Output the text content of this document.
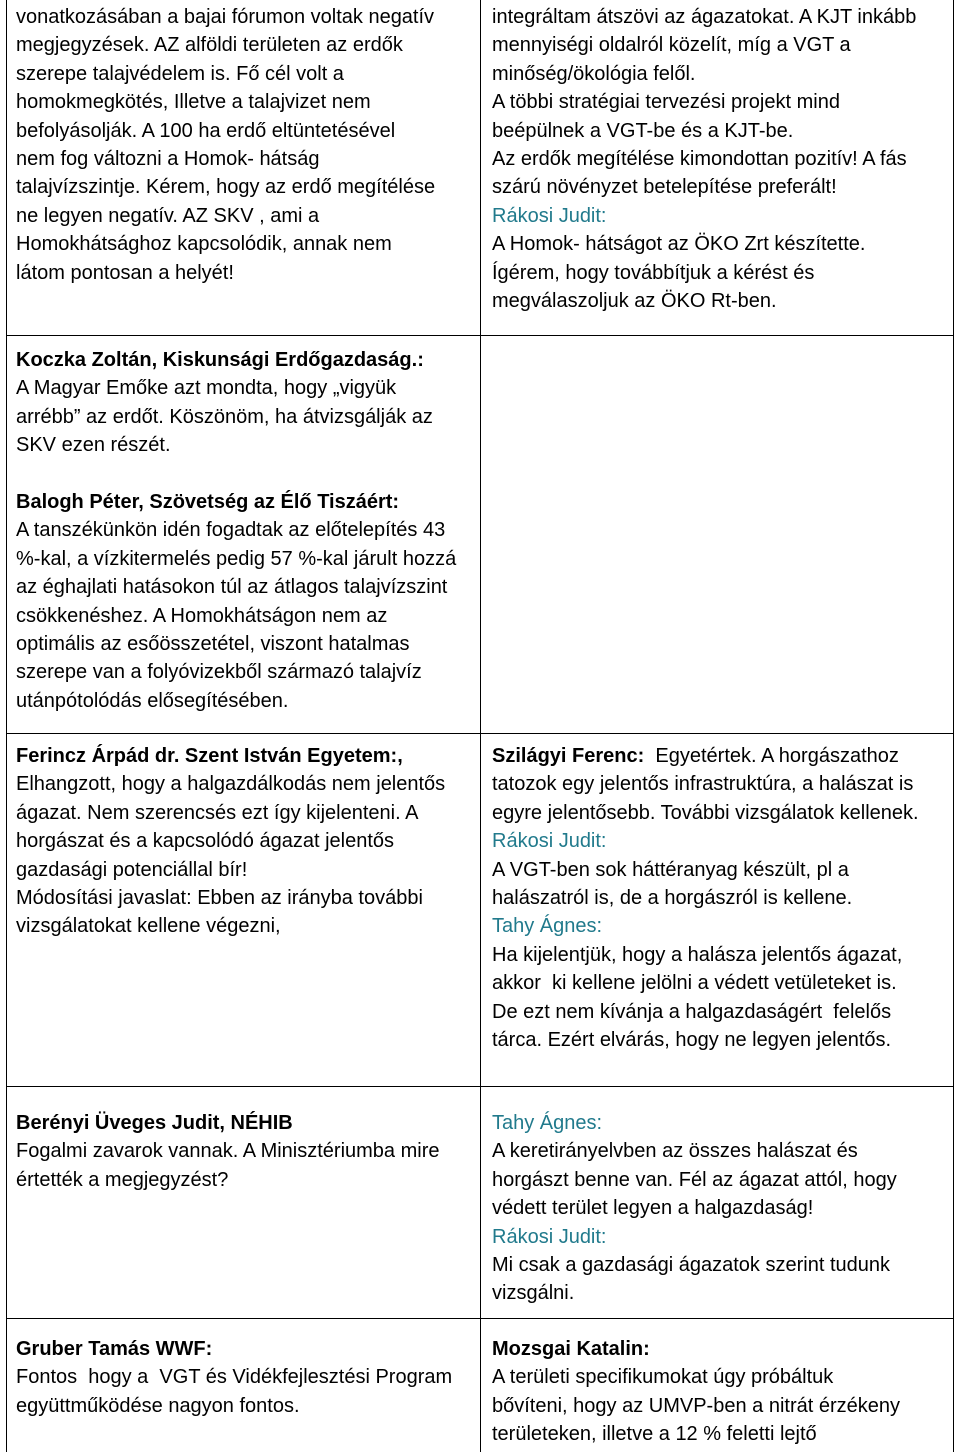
vonatkozásában a bajai fórumon voltak negatív
megjegyzések. AZ alföldi területen az erdők
szerepe talajvédelem is. Fő cél volt a
homokmegkötés, Illetve a talajvizet nem
befolyásolják. A 100 ha erdő eltüntetésével
nem fog változni a Homok- hátság
talajvízszintje. Kérem, hogy az erdő megítélése
ne legyen negatív. AZ SKV , ami a
Homokhátsághoz kapcsolódik, annak nem
látom pontosan a helyét!
integráltam átszövi az ágazatokat. A KJT inkább
mennyiségi oldalról közelít, míg a VGT a
minőség/ökológia felől.
A többi stratégiai tervezési projekt mind
beépülnek a VGT-be és a KJT-be.
Az erdők megítélése kimondottan pozitív! A fás
szárú növényzet betelepítése preferált!
Rákosi Judit:
A Homok- hátságot az ÖKO Zrt készítette.
Ígérem, hogy továbbítjuk a kérést és
megválaszoljuk az ÖKO Rt-ben.
Koczka Zoltán, Kiskunsági Erdőgazdaság.:
A Magyar Emőke azt mondta, hogy „vigyük
arrébb” az erdőt. Köszönöm, ha átvizsgálják az
SKV ezen részét.
Balogh Péter, Szövetség az Élő Tiszáért:
A tanszékünkön idén fogadtak az előtelepítés 43
%-kal, a vízkitermelés pedig 57 %-kal járult hozzá
az éghajlati hatásokon túl az átlagos talajvízszint
csökkenéshez. A Homokhátságon nem az
optimális az esőösszetétel, viszont hatalmas
szerepe van a folyóvizekből származó talajvíz
utánpótolódás elősegítésében.
Ferincz Árpád dr. Szent István Egyetem:,
Elhangzott, hogy a halgazdálkodás nem jelentős
ágazat. Nem szerencsés ezt így kijelenteni. A
horgászat és a kapcsolódó ágazat jelentős
gazdasági potenciállal bír!
Módosítási javaslat: Ebben az irányba további
vizsgálatokat kellene végezni,
Szilágyi Ferenc:  Egyetértek. A horgászathoz
tatozok egy jelentős infrastruktúra, a halászat is
egyre jelentősebb. További vizsgálatok kellenek.
Rákosi Judit:
A VGT-ben sok háttéranyag készült, pl a
halászatról is, de a horgászról is kellene.
Tahy Ágnes:
Ha kijelentjük, hogy a halásza jelentős ágazat,
akkor  ki kellene jelölni a védett vetületeket is.
De ezt nem kívánja a halgazdaságért  felelős
tárca. Ezért elvárás, hogy ne legyen jelentős.
Berényi Üveges Judit, NÉHIB
Fogalmi zavarok vannak. A Minisztériumba mire
értették a megjegyzést?
Tahy Ágnes:
A keretirányelvben az összes halászat és
horgászt benne van. Fél az ágazat attól, hogy
védett terület legyen a halgazdaság!
Rákosi Judit:
Mi csak a gazdasági ágazatok szerint tudunk
vizsgálni.
Gruber Tamás WWF:
Fontos  hogy a  VGT és Vidékfejlesztési Program
együttműködése nagyon fontos.
Mozsgai Katalin:
A területi specifikumokat úgy próbáltuk
bővíteni, hogy az UMVP-ben a nitrát érzékeny
területeken, illetve a 12 % feletti lejtő
